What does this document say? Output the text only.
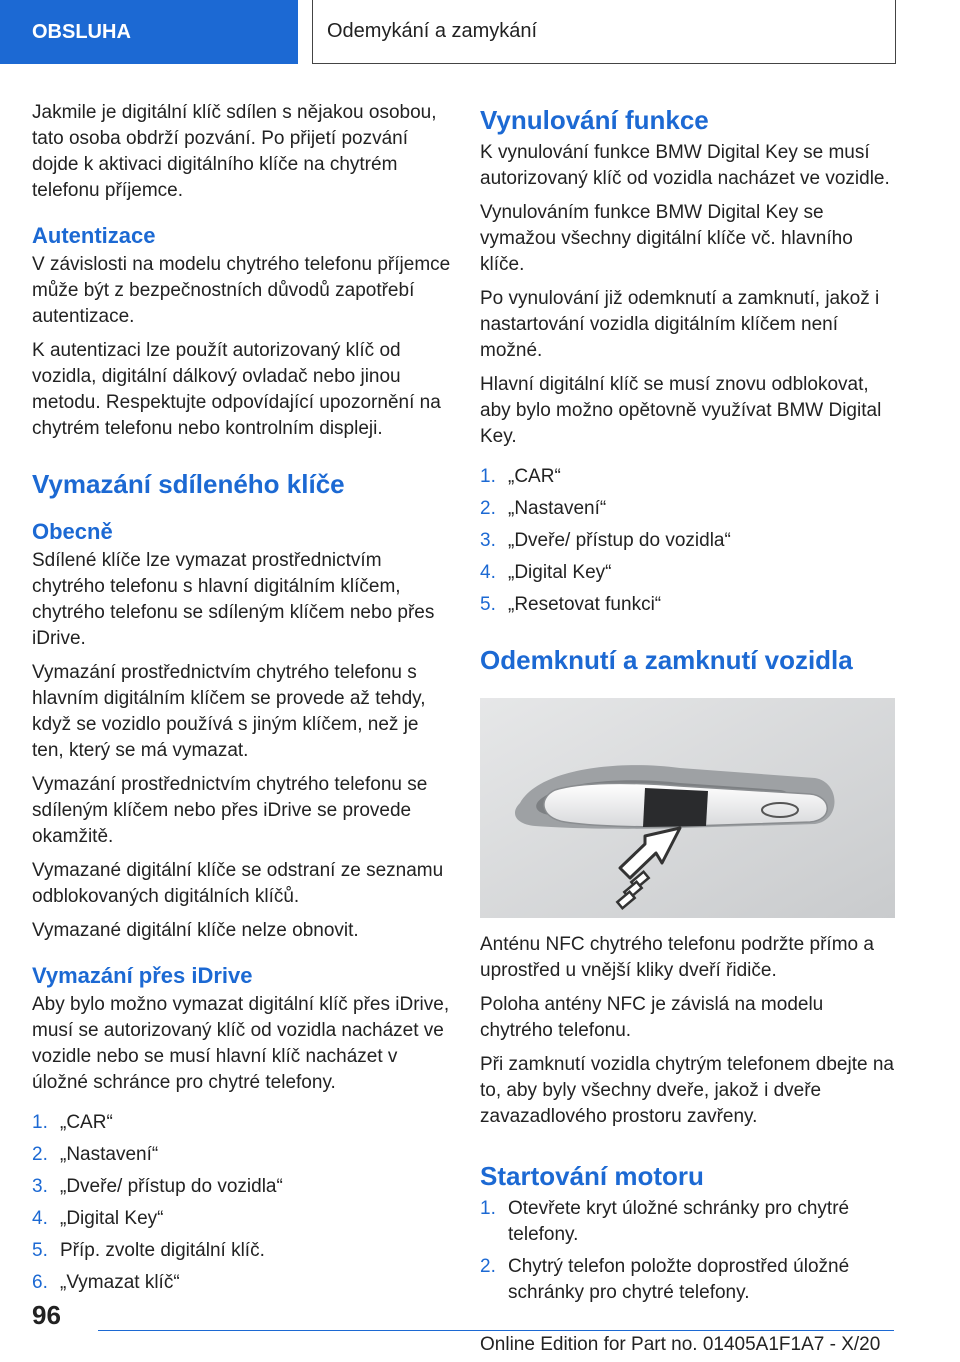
OBSLUHA	Odemykání a zamykání

Jakmile je digitální klíč sdílen s nějakou osobou, tato osoba obdrží pozvání. Po přijetí pozvání dojde k aktivaci digitálního klíče na chytrém telefonu příjemce.

Autentizace

V závislosti na modelu chytrého telefonu příjemce může být z bezpečnostních důvodů zapotřebí autentizace.

K autentizaci lze použít autorizovaný klíč od vozidla, digitální dálkový ovladač nebo jinou metodu. Respektujte odpovídající upozornění na chytrém telefonu nebo kontrolním displeji.

Vymazání sdíleného klíče
Obecně

Sdílené klíče lze vymazat prostřednictvím chytrého telefonu s hlavní digitálním klíčem, chytrého telefonu se sdíleným klíčem nebo přes iDrive.

Vymazání prostřednictvím chytrého telefonu s hlavním digitálním klíčem se provede až tehdy, když se vozidlo používá s jiným klíčem, než je ten, který se má vymazat.

Vymazání prostřednictvím chytrého telefonu se sdíleným klíčem nebo přes iDrive se provede okamžitě.

Vymazané digitální klíče se odstraní ze seznamu odblokovaných digitálních klíčů.

Vymazané digitální klíče nelze obnovit.

Vymazání přes iDrive

Aby bylo možno vymazat digitální klíč přes iDrive, musí se autorizovaný klíč od vozidla nacházet ve vozidle nebo se musí hlavní klíč nacházet v úložné schránce pro chytré telefony.

1. „CAR“
2. „Nastavení“
3. „Dveře/ přístup do vozidla“
4. „Digital Key“
5. Příp. zvolte digitální klíč.
6. „Vymazat klíč“
Vynulování funkce

K vynulování funkce BMW Digital Key se musí autorizovaný klíč od vozidla nacházet ve vozidle.

Vynulováním funkce BMW Digital Key se vymažou všechny digitální klíče vč. hlavního klíče.

Po vynulování již odemknutí a zamknutí, jakož i nastartování vozidla digitálním klíčem není možné.

Hlavní digitální klíč se musí znovu odblokovat, aby bylo možno opětovně využívat BMW Digital Key.

1. „CAR“
2. „Nastavení“
3. „Dveře/ přístup do vozidla“
4. „Digital Key“
5. „Resetovat funkci“
Odemknutí a zamknutí vozidla

Anténu NFC chytrého telefonu podržte přímo a uprostřed u vnější kliky dveří řidiče.

Poloha antény NFC je závislá na modelu chytrého telefonu.

Při zamknutí vozidla chytrým telefonem dbejte na to, aby byly všechny dveře, jakož i dveře zavazadlového prostoru zavřeny.

Startování motoru
1. Otevřete kryt úložné schránky pro chytré telefony.
2. Chytrý telefon položte doprostřed úložné schránky pro chytré telefony.
96
Online Edition for Part no. 01405A1F1A7 - X/20
